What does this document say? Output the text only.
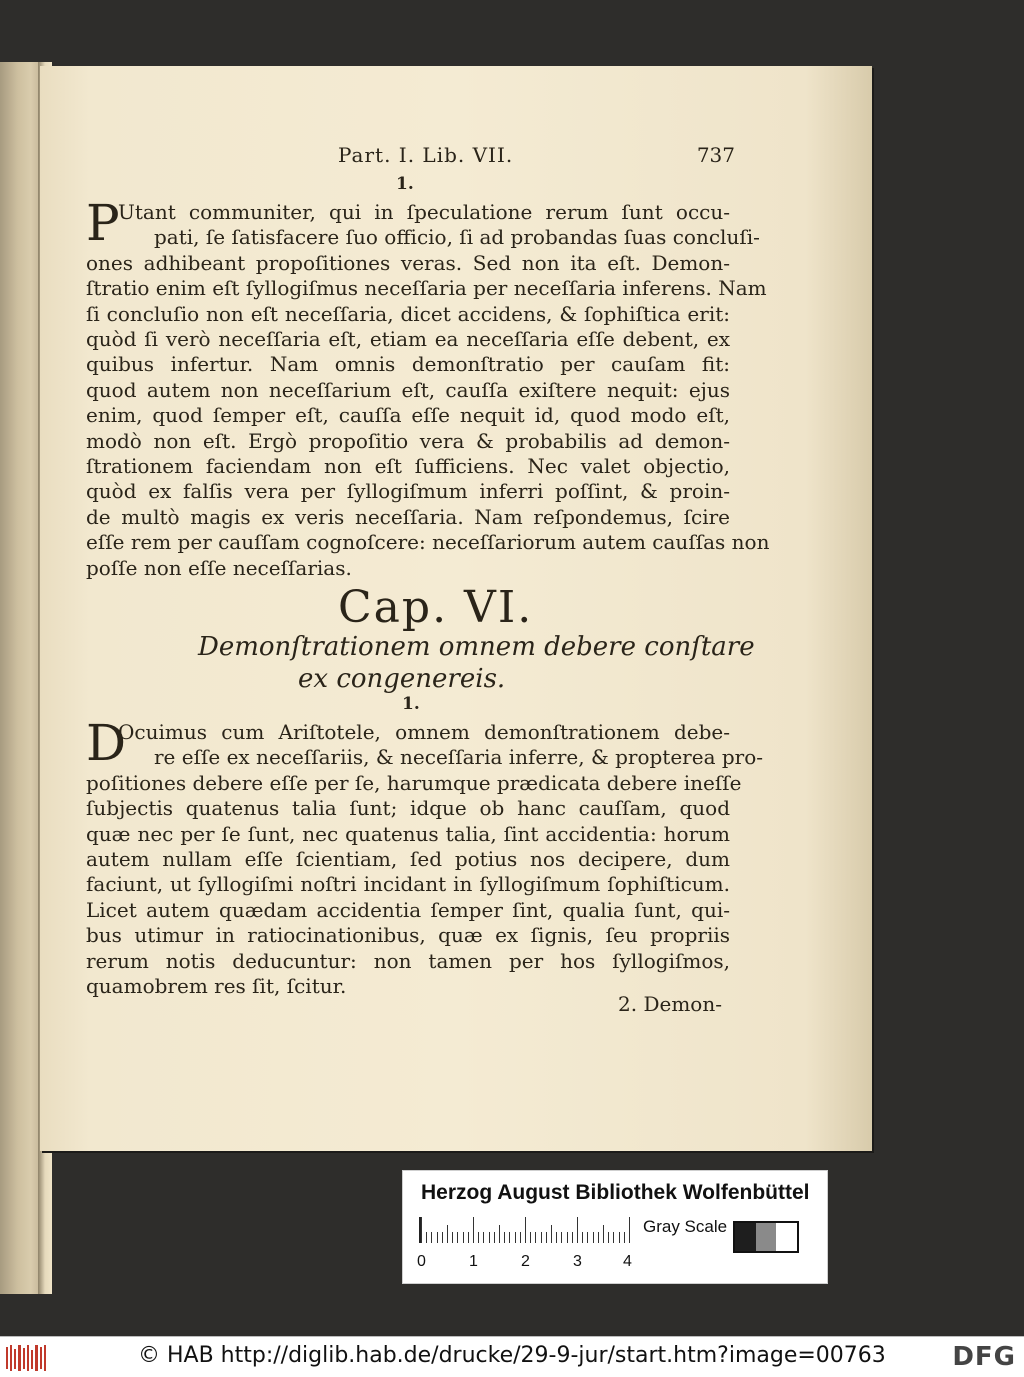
Part. I. Lib. VII.	737
1.
P
Utant communiter, qui in ſpeculatione rerum ſunt occu-
pati, ſe ſatisfacere ſuo officio, ſi ad probandas ſuas concluſi-
ones adhibeant propoſitiones veras. Sed non ita eſt. Demon-
ſtratio enim eſt ſyllogiſmus neceſſaria per neceſſaria inferens. Nam
ſi concluſio non eſt neceſſaria, dicet accidens, & ſophiſtica erit:
quòd ſi verò neceſſaria eſt, etiam ea neceſſaria eſſe debent, ex
quibus infertur. Nam omnis demonſtratio per cauſam fit:
quod autem non neceſſarium eſt, cauſſa exiſtere nequit: ejus
enim, quod ſemper eſt, cauſſa eſſe nequit id, quod modo eſt,
modò non eſt. Ergò propoſitio vera & probabilis ad demon-
ſtrationem faciendam non eſt ſufficiens. Nec valet objectio,
quòd ex falſis vera per ſyllogiſmum inferri poſſint, & proin-
de multò magis ex veris neceſſaria. Nam reſpondemus, ſcire
eſſe rem per cauſſam cognoſcere: neceſſariorum autem cauſſas non
poſſe non eſſe neceſſarias.
Cap. VI.
Demonſtrationem omnem debere conſtare
ex congenereis.
1.
D
Ocuimus cum Ariſtotele, omnem demonſtrationem debe-
re eſſe ex neceſſariis, & neceſſaria inferre, & propterea pro-
poſitiones debere eſſe per ſe, harumque prædicata debere ineſſe
ſubjectis quatenus talia ſunt; idque ob hanc cauſſam, quod
quæ nec per ſe ſunt, nec quatenus talia, ſint accidentia: horum
autem nullam eſſe ſcientiam, ſed potius nos decipere, dum
faciunt, ut ſyllogiſmi noſtri incidant in ſyllogiſmum ſophiſticum.
Licet autem quædam accidentia ſemper ſint, qualia ſunt, qui-
bus utimur in ratiocinationibus, quæ ex ſignis, ſeu propriis
rerum notis deducuntur: non tamen per hos ſyllogiſmos,
quamobrem res ſit, ſcitur.
2. Demon-
Herzog August Bibliothek Wolfenbüttel
0	1	2	3	4
Gray Scale
© HAB http://diglib.hab.de/drucke/29-9-jur/start.htm?image=00763	DFG
